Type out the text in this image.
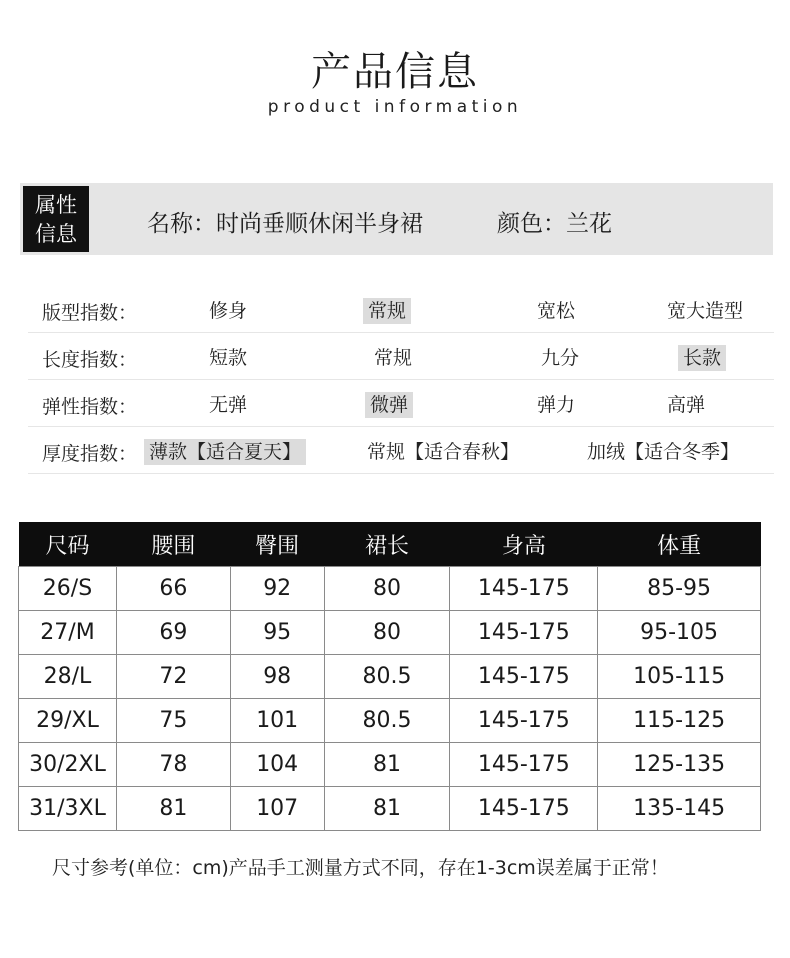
产品信息
product information
属性
信息	名称：时尚垂顺休闲半身裙	颜色：兰花
版型指数：	修身	常规	宽松	宽大造型
长度指数：	短款	常规	九分	长款
弹性指数：	无弹	微弹	弹力	高弹
厚度指数： 薄款【适合夏天】	常规【适合春秋】	加绒【适合冬季】
尺码	腰围	臀围	裙长	身高	体重
26/S	66	92	80	145-175	85-95
27/M	69	95	80	145-175	95-105
28/L	72	98	80.5	145-175	105-115
29/XL	75	101	80.5	145-175	115-125
30/2XL	78	104	81	145-175	125-135
31/3XL	81	107	81	145-175	135-145
尺寸参考(单位：cm)产品手工测量方式不同，存在1-3cm误差属于正常！
